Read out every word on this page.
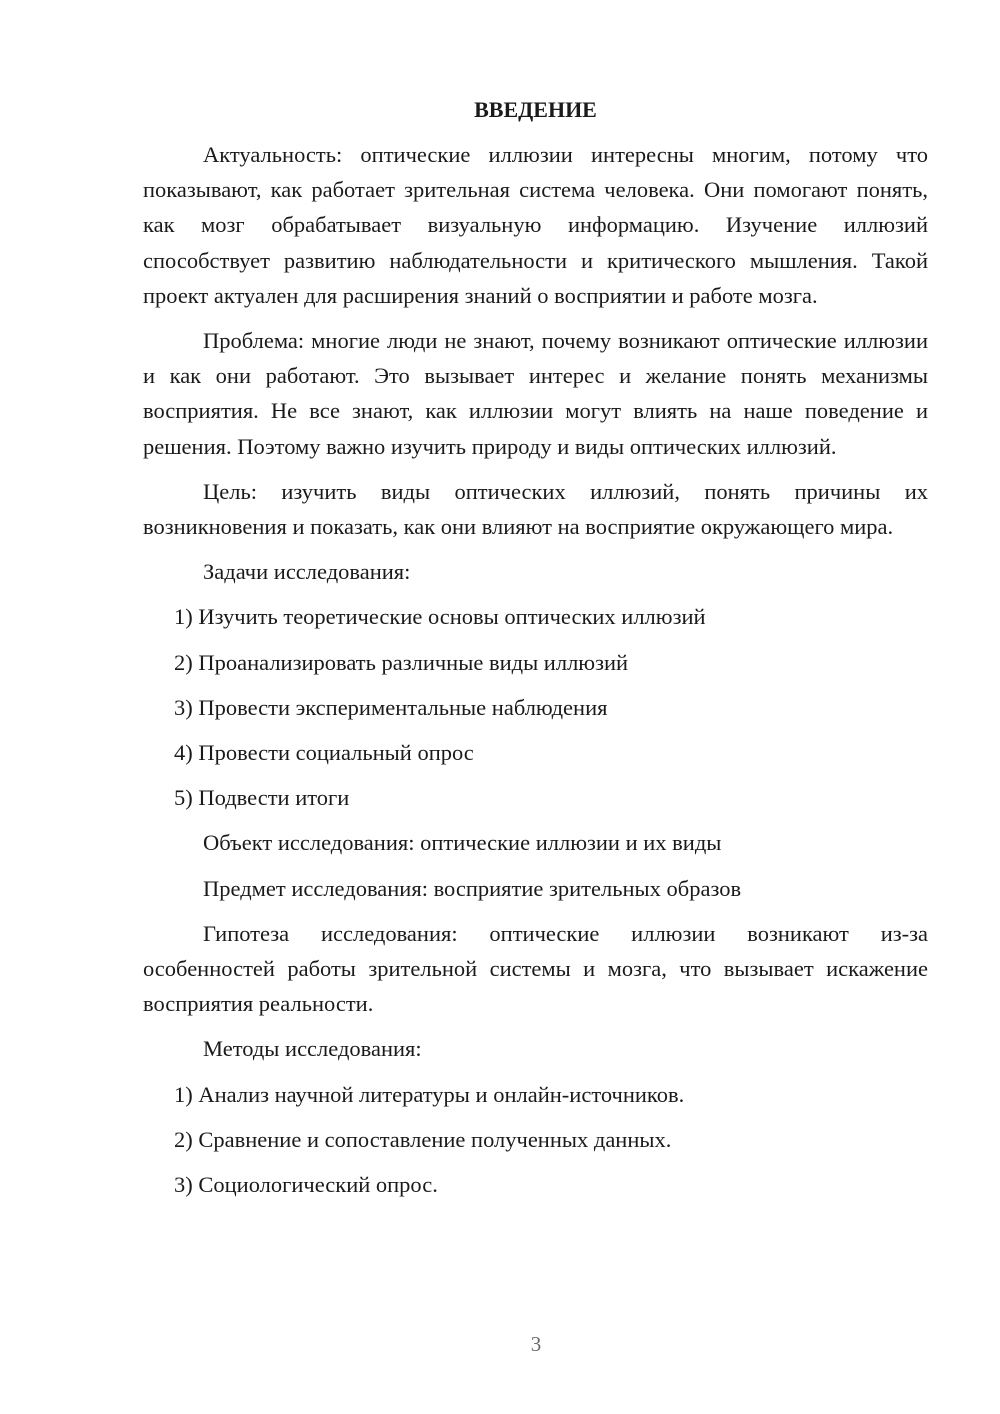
ВВЕДЕНИЕ

Актуальность: оптические иллюзии интересны многим, потому что показывают, как работает зрительная система человека. Они помогают понять, как мозг обрабатывает визуальную информацию. Изучение иллюзий способствует развитию наблюдательности и критического мышления. Такой проект актуален для расширения знаний о восприятии и работе мозга.

Проблема: многие люди не знают, почему возникают оптические иллюзии и как они работают. Это вызывает интерес и желание понять механизмы восприятия. Не все знают, как иллюзии могут влиять на наше поведение и решения. Поэтому важно изучить природу и виды оптических иллюзий.

Цель: изучить виды оптических иллюзий, понять причины их возникновения и показать, как они влияют на восприятие окружающего мира.

Задачи исследования:

1) Изучить теоретические основы оптических иллюзий

2) Проанализировать различные виды иллюзий

3) Провести экспериментальные наблюдения

4) Провести социальный опрос

5) Подвести итоги

Объект исследования: оптические иллюзии и их виды

Предмет исследования: восприятие зрительных образов

Гипотеза исследования: оптические иллюзии возникают из-за особенностей работы зрительной системы и мозга, что вызывает искажение восприятия реальности.

Методы исследования:

1) Анализ научной литературы и онлайн-источников.

2) Сравнение и сопоставление полученных данных.

3) Социологический опрос.

3
